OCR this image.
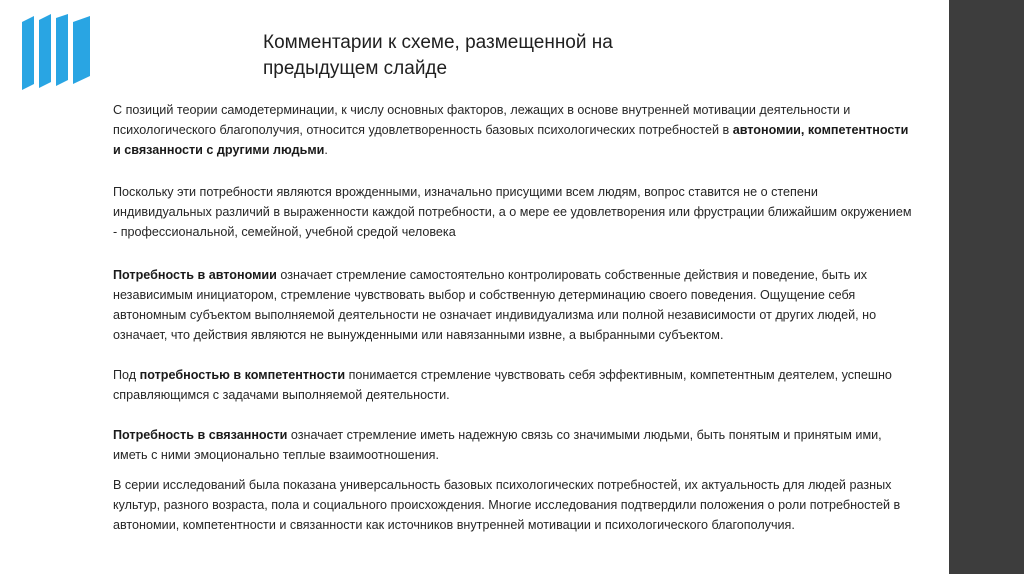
Комментарии к схеме, размещенной на
предыдущем слайде

С позиций теории самодетерминации, к числу основных факторов, лежащих в основе внутренней мотивации деятельности и психологического благополучия, относится удовлетворенность базовых психологических потребностей в автономии, компетентности и связанности с другими людьми.

Поскольку эти потребности являются врожденными, изначально присущими всем людям, вопрос ставится не о степени индивидуальных различий в выраженности каждой потребности, а о мере ее удовлетворения или фрустрации ближайшим окружением - профессиональной, семейной, учебной средой человека

Потребность в автономии означает стремление самостоятельно контролировать собственные действия и поведение, быть их независимым инициатором, стремление чувствовать выбор и собственную детерминацию своего поведения. Ощущение себя автономным субъектом выполняемой деятельности не означает индивидуализма или полной независимости от других людей, но означает, что действия являются не вынужденными или навязанными извне, а выбранными субъектом.

Под потребностью в компетентности понимается стремление чувствовать себя эффективным, компетентным деятелем, успешно справляющимся с задачами выполняемой деятельности.

Потребность в связанности означает стремление иметь надежную связь со значимыми людьми, быть понятым и принятым ими, иметь с ними эмоционально теплые взаимоотношения.

В серии исследований была показана универсальность базовых психологических потребностей, их актуальность для людей разных культур, разного возраста, пола и социального происхождения. Многие исследования подтвердили положения о роли потребностей в автономии, компетентности и связанности как источников внутренней мотивации и психологического благополучия.
